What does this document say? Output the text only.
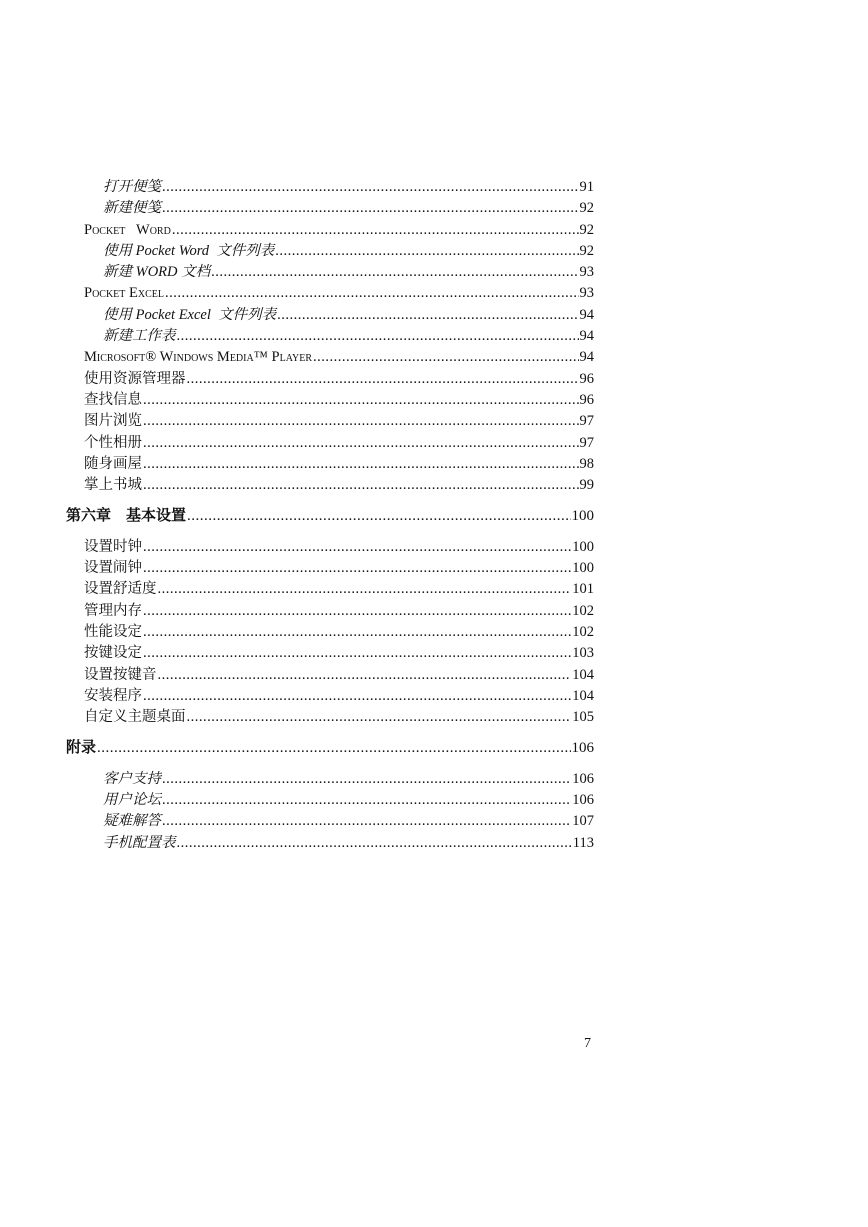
打开便笺 .....	91
新建便笺 .....	92
Pocket   Word .....	92
使用 Pocket Word  文件列表 .....	92
新建 WORD 文档 .....	93
Pocket Excel .....	93
使用 Pocket Excel  文件列表 .....	94
新建工作表 .....	94
Microsoft® Windows Media™ Player .....	94
使用资源管理器 .....	96
查找信息 .....	96
图片浏览 .....	97
个性相册 .....	97
随身画屋 .....	98
掌上书城 .....	99
第六章    基本设置 .....	100
设置时钟 .....	100
设置闹钟 .....	100
设置舒适度 .....	101
管理内存 .....	102
性能设定 .....	102
按键设定 .....	103
设置按键音 .....	104
安装程序 .....	104
自定义主题桌面 .....	105
附录 .....	106
客户支持 .....	106
用户论坛 .....	106
疑难解答 .....	107
手机配置表 .....	113
7
